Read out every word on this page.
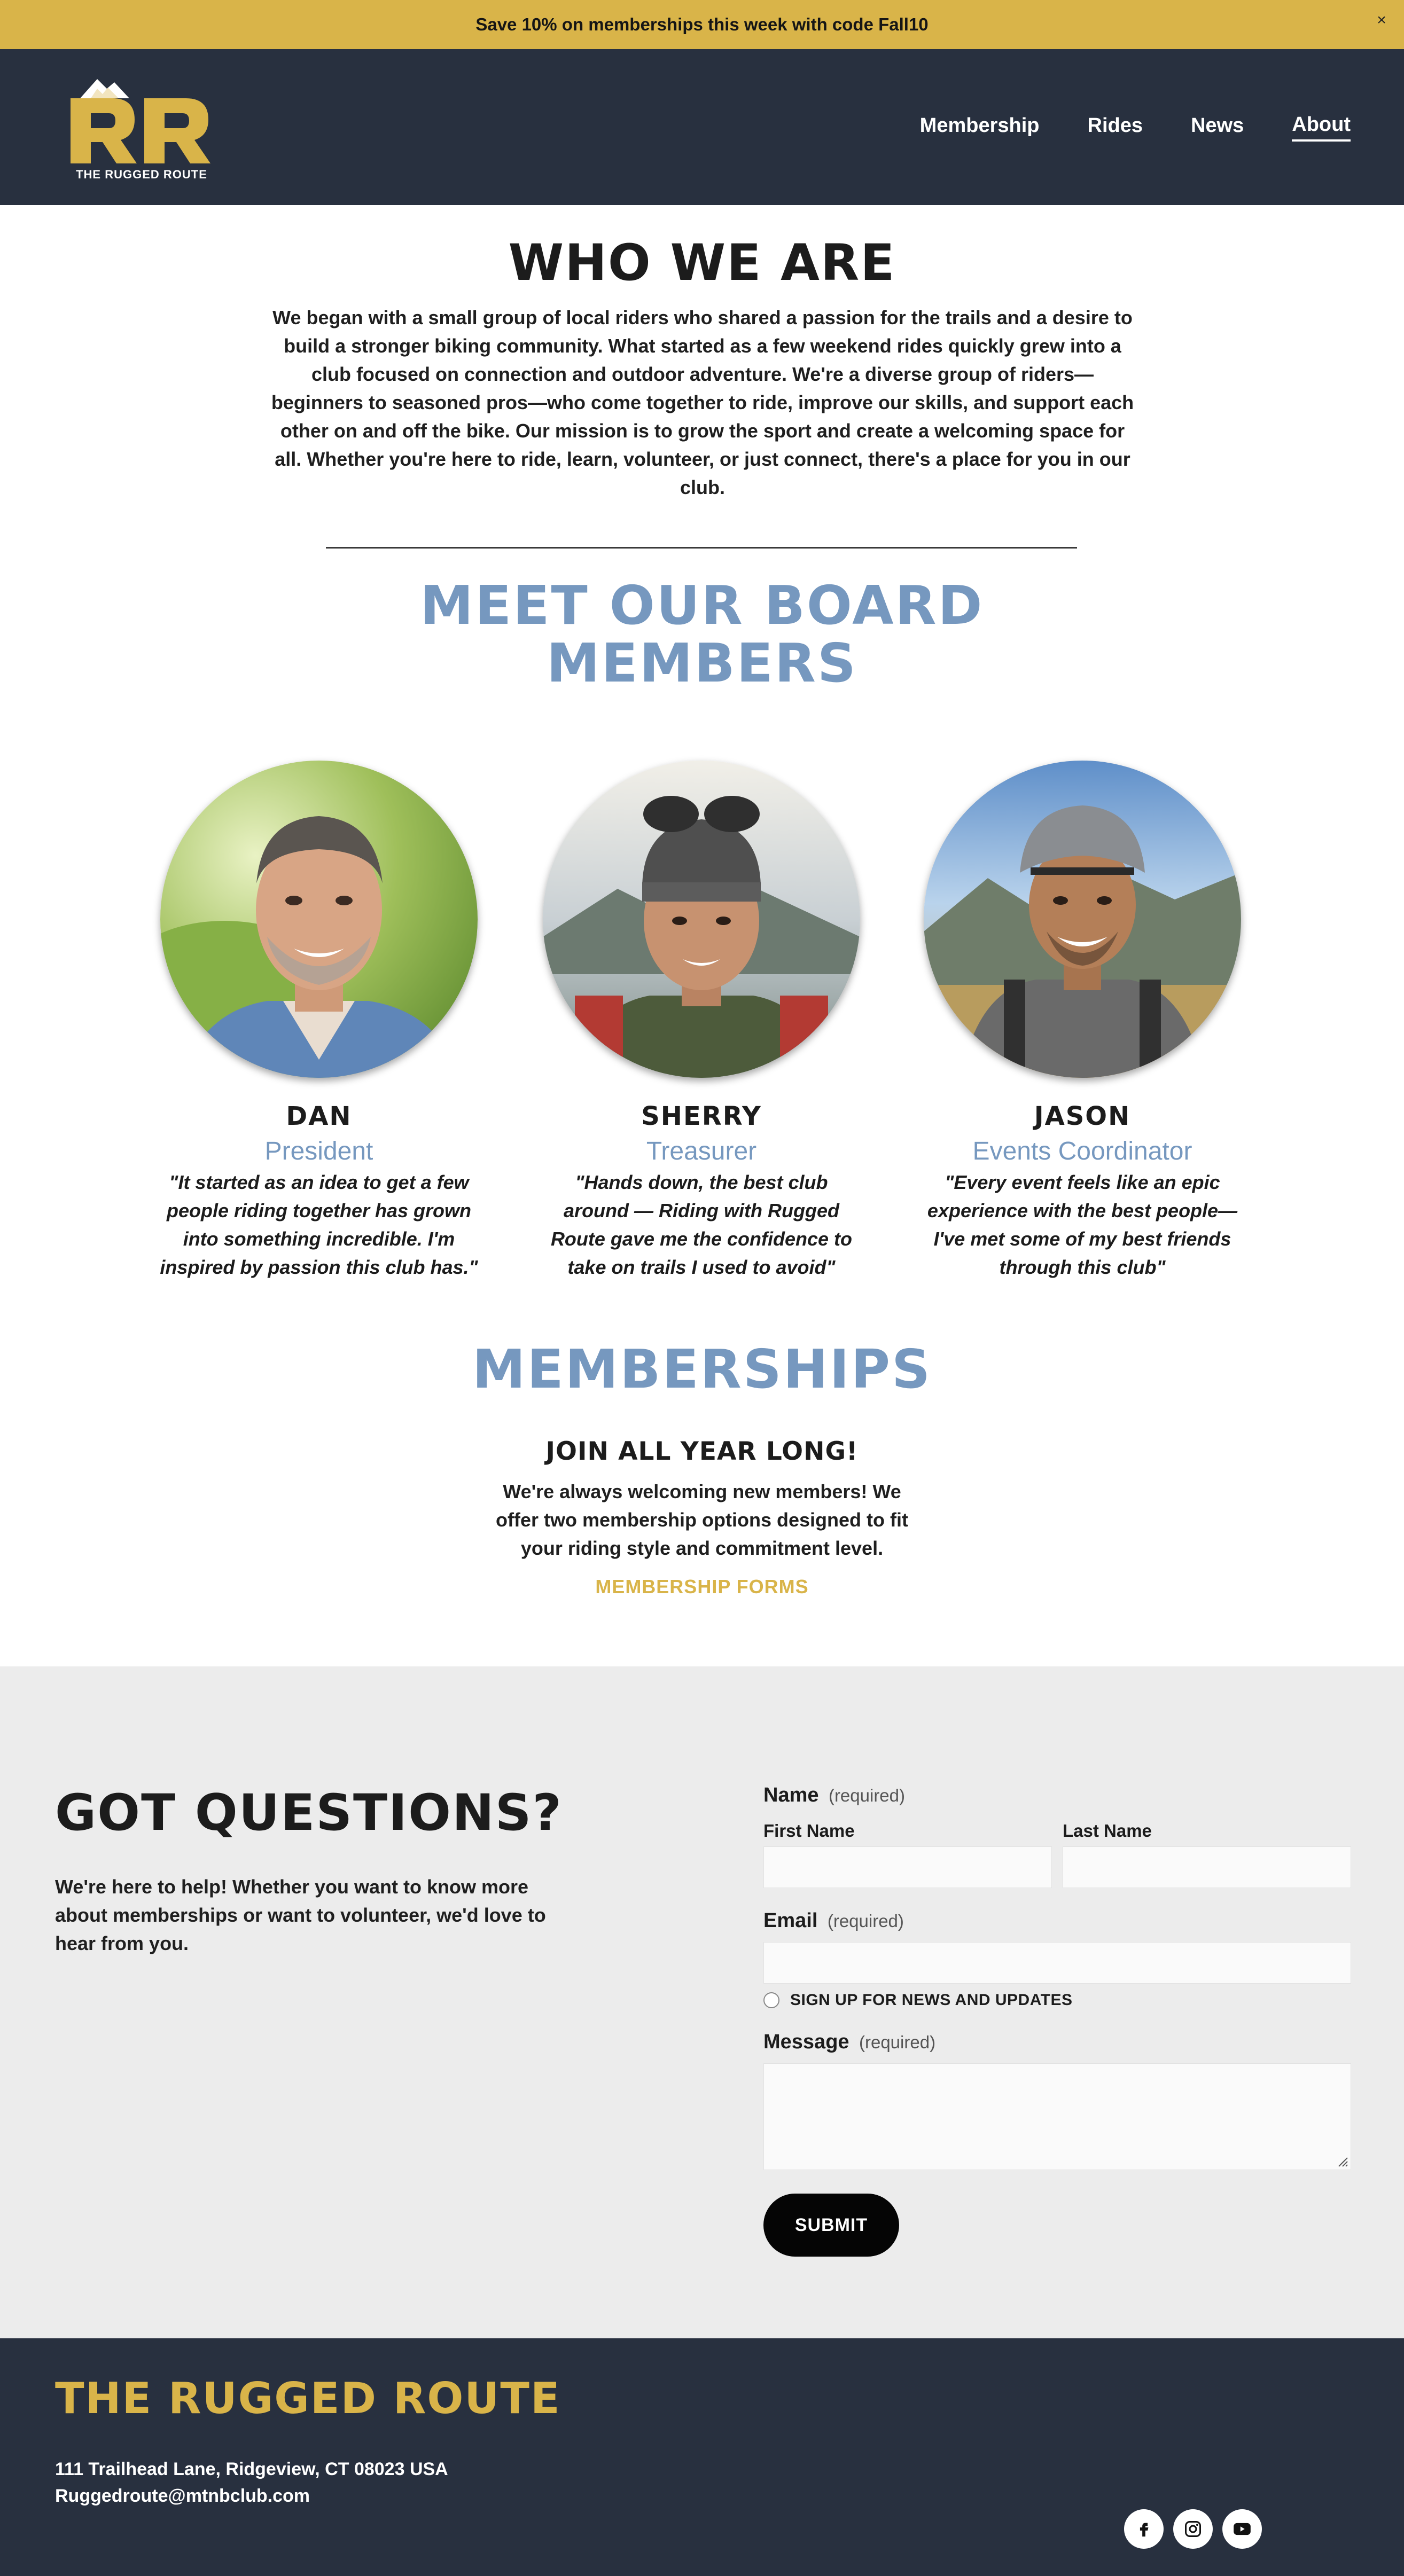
Save 10% on memberships this week with code Fall10	×
THE RUGGED ROUTE
Membership Rides News About
WHO WE ARE

We began with a small group of local riders who shared a passion for the trails and a desire to build a stronger biking community. What started as a few weekend rides quickly grew into a club focused on connection and outdoor adventure. We're a diverse group of riders—beginners to seasoned pros—who come together to ride, improve our skills, and support each other on and off the bike. Our mission is to grow the sport and create a welcoming space for all. Whether you're here to ride, learn, volunteer, or just connect, there's a place for you in our club.

MEET OUR BOARD
MEMBERS
DAN
President
"It started as an idea to get a few people riding together has grown into something incredible. I'm inspired by passion this club has."
SHERRY
Treasurer
"Hands down, the best club around — Riding with Rugged Route gave me the confidence to take on trails I used to avoid"
JASON
Events Coordinator
"Every event feels like an epic experience with the best people—I've met some of my best friends through this club"
MEMBERSHIPS
JOIN ALL YEAR LONG!

We're always welcoming new members! We offer two membership options designed to fit your riding style and commitment level.

MEMBERSHIP FORMS
GOT QUESTIONS?

We're here to help! Whether you want to know more about memberships or want to volunteer, we'd love to hear from you.

Name (required)
First Name	Last Name
Email (required)
SIGN UP FOR NEWS AND UPDATES
Message (required)
SUBMIT
THE RUGGED ROUTE
111 Trailhead Lane, Ridgeview, CT 08023 USA
Ruggedroute@mtnbclub.com
